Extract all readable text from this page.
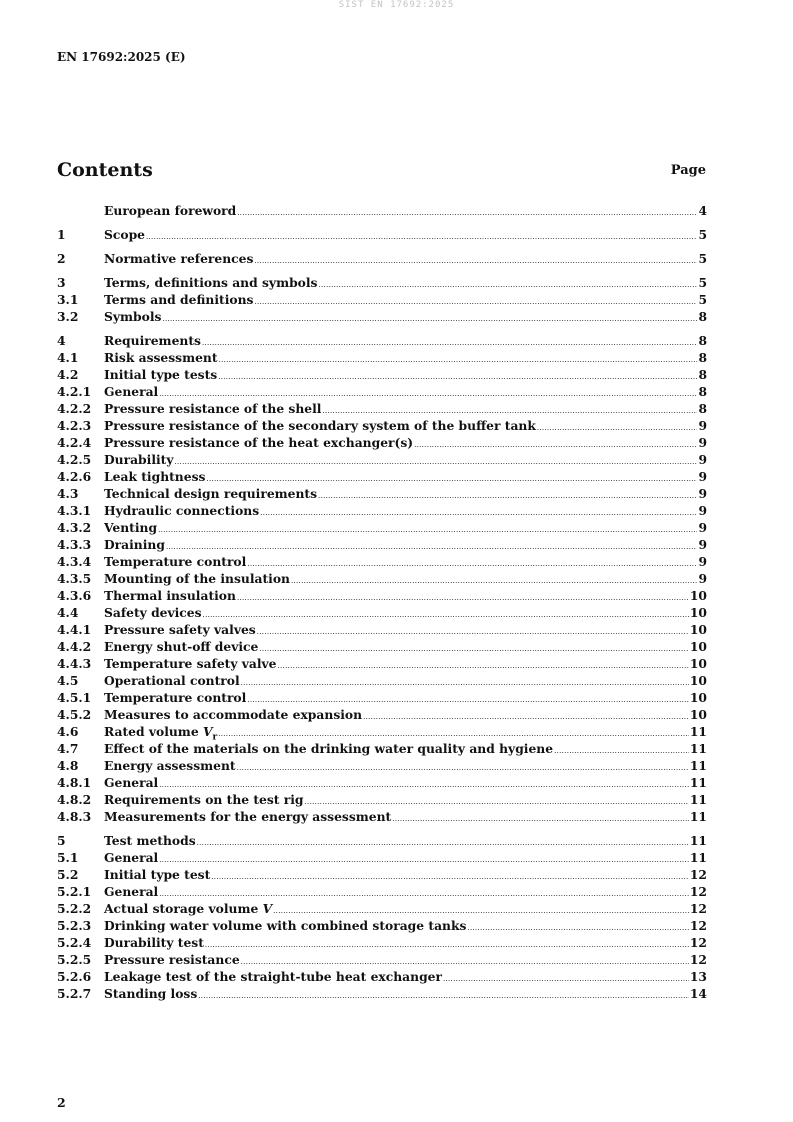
SIST EN 17692:2025
EN 17692:2025 (E)
Contents	Page
European foreword .....	4
1	Scope .....	5
2	Normative references .....	5
3	Terms, definitions and symbols .....	5
3.1	Terms and definitions .....	5
3.2	Symbols .....	8
4	Requirements .....	8
4.1	Risk assessment .....	8
4.2	Initial type tests .....	8
4.2.1	General .....	8
4.2.2	Pressure resistance of the shell .....	8
4.2.3	Pressure resistance of the secondary system of the buffer tank .....	9
4.2.4	Pressure resistance of the heat exchanger(s) .....	9
4.2.5	Durability .....	9
4.2.6	Leak tightness .....	9
4.3	Technical design requirements .....	9
4.3.1	Hydraulic connections .....	9
4.3.2	Venting .....	9
4.3.3	Draining .....	9
4.3.4	Temperature control .....	9
4.3.5	Mounting of the insulation .....	9
4.3.6	Thermal insulation .....	10
4.4	Safety devices .....	10
4.4.1	Pressure safety valves .....	10
4.4.2	Energy shut-off device .....	10
4.4.3	Temperature safety valve .....	10
4.5	Operational control .....	10
4.5.1	Temperature control .....	10
4.5.2	Measures to accommodate expansion .....	10
4.6	Rated volume $V_r$ .....	11
4.7	Effect of the materials on the drinking water quality and hygiene .....	11
4.8	Energy assessment .....	11
4.8.1	General .....	11
4.8.2	Requirements on the test rig .....	11
4.8.3	Measurements for the energy assessment .....	11
5	Test methods .....	11
5.1	General .....	11
5.2	Initial type test .....	12
5.2.1	General .....	12
5.2.2	Actual storage volume V .....	12
5.2.3	Drinking water volume with combined storage tanks .....	12
5.2.4	Durability test .....	12
5.2.5	Pressure resistance .....	12
5.2.6	Leakage test of the straight-tube heat exchanger .....	13
5.2.7	Standing loss .....	14
2
